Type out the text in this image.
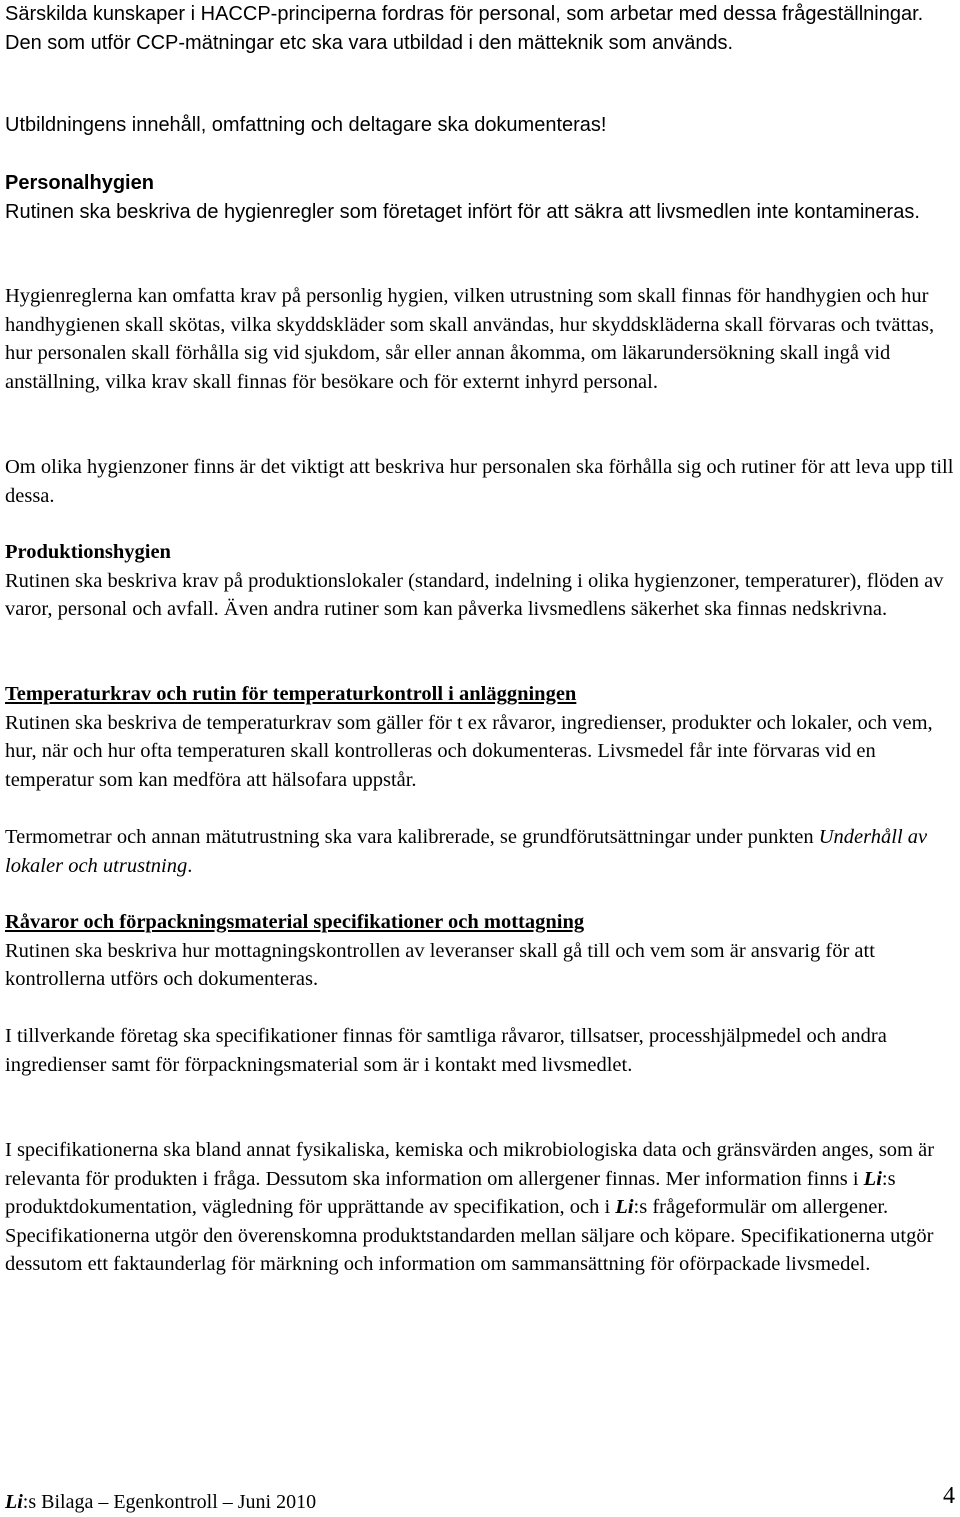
Särskilda kunskaper i HACCP-principerna fordras för personal, som arbetar med dessa frågeställningar. Den som utför CCP-mätningar etc ska vara utbildad i den mätteknik som används.

Utbildningens innehåll, omfattning och deltagare ska dokumenteras!

Personalhygien

Rutinen ska beskriva de hygienregler som företaget infört för att säkra att livsmedlen inte kontamineras.

Hygienreglerna kan omfatta krav på personlig hygien, vilken utrustning som skall finnas för handhygien och hur handhygienen skall skötas, vilka skyddskläder som skall användas, hur skyddskläderna skall förvaras och tvättas, hur personalen skall förhålla sig vid sjukdom, sår eller annan åkomma, om läkarundersökning skall ingå vid anställning, vilka krav skall finnas för besökare och för externt inhyrd personal.

Om olika hygienzoner finns är det viktigt att beskriva hur personalen ska förhålla sig och rutiner för att leva upp till dessa.

Produktionshygien

Rutinen ska beskriva krav på produktionslokaler (standard, indelning i olika hygienzoner, temperaturer), flöden av varor, personal och avfall. Även andra rutiner som kan påverka livsmedlens säkerhet ska finnas nedskrivna.

Temperaturkrav och rutin för temperaturkontroll i anläggningen

Rutinen ska beskriva de temperaturkrav som gäller för t ex råvaror, ingredienser, produkter och lokaler, och vem, hur, när och hur ofta temperaturen skall kontrolleras och dokumenteras. Livsmedel får inte förvaras vid en temperatur som kan medföra att hälsofara uppstår.

Termometrar och annan mätutrustning ska vara kalibrerade, se grundförutsättningar under punkten Underhåll av lokaler och utrustning.

Råvaror och förpackningsmaterial specifikationer och mottagning

Rutinen ska beskriva hur mottagningskontrollen av leveranser skall gå till och vem som är ansvarig för att kontrollerna utförs och dokumenteras.

I tillverkande företag ska specifikationer finnas för samtliga råvaror, tillsatser, processhjälpmedel och andra ingredienser samt för förpackningsmaterial som är i kontakt med livsmedlet.

I specifikationerna ska bland annat fysikaliska, kemiska och mikrobiologiska data och gränsvärden anges, som är relevanta för produkten i fråga. Dessutom ska information om allergener finnas. Mer information finns i Li:s produktdokumentation, vägledning för upprättande av specifikation, och i Li:s frågeformulär om allergener. Specifikationerna utgör den överenskomna produktstandarden mellan säljare och köpare. Specifikationerna utgör dessutom ett faktaunderlag för märkning och information om sammansättning för oförpackade livsmedel.

Li:s Bilaga – Egenkontroll – Juni 2010	4
